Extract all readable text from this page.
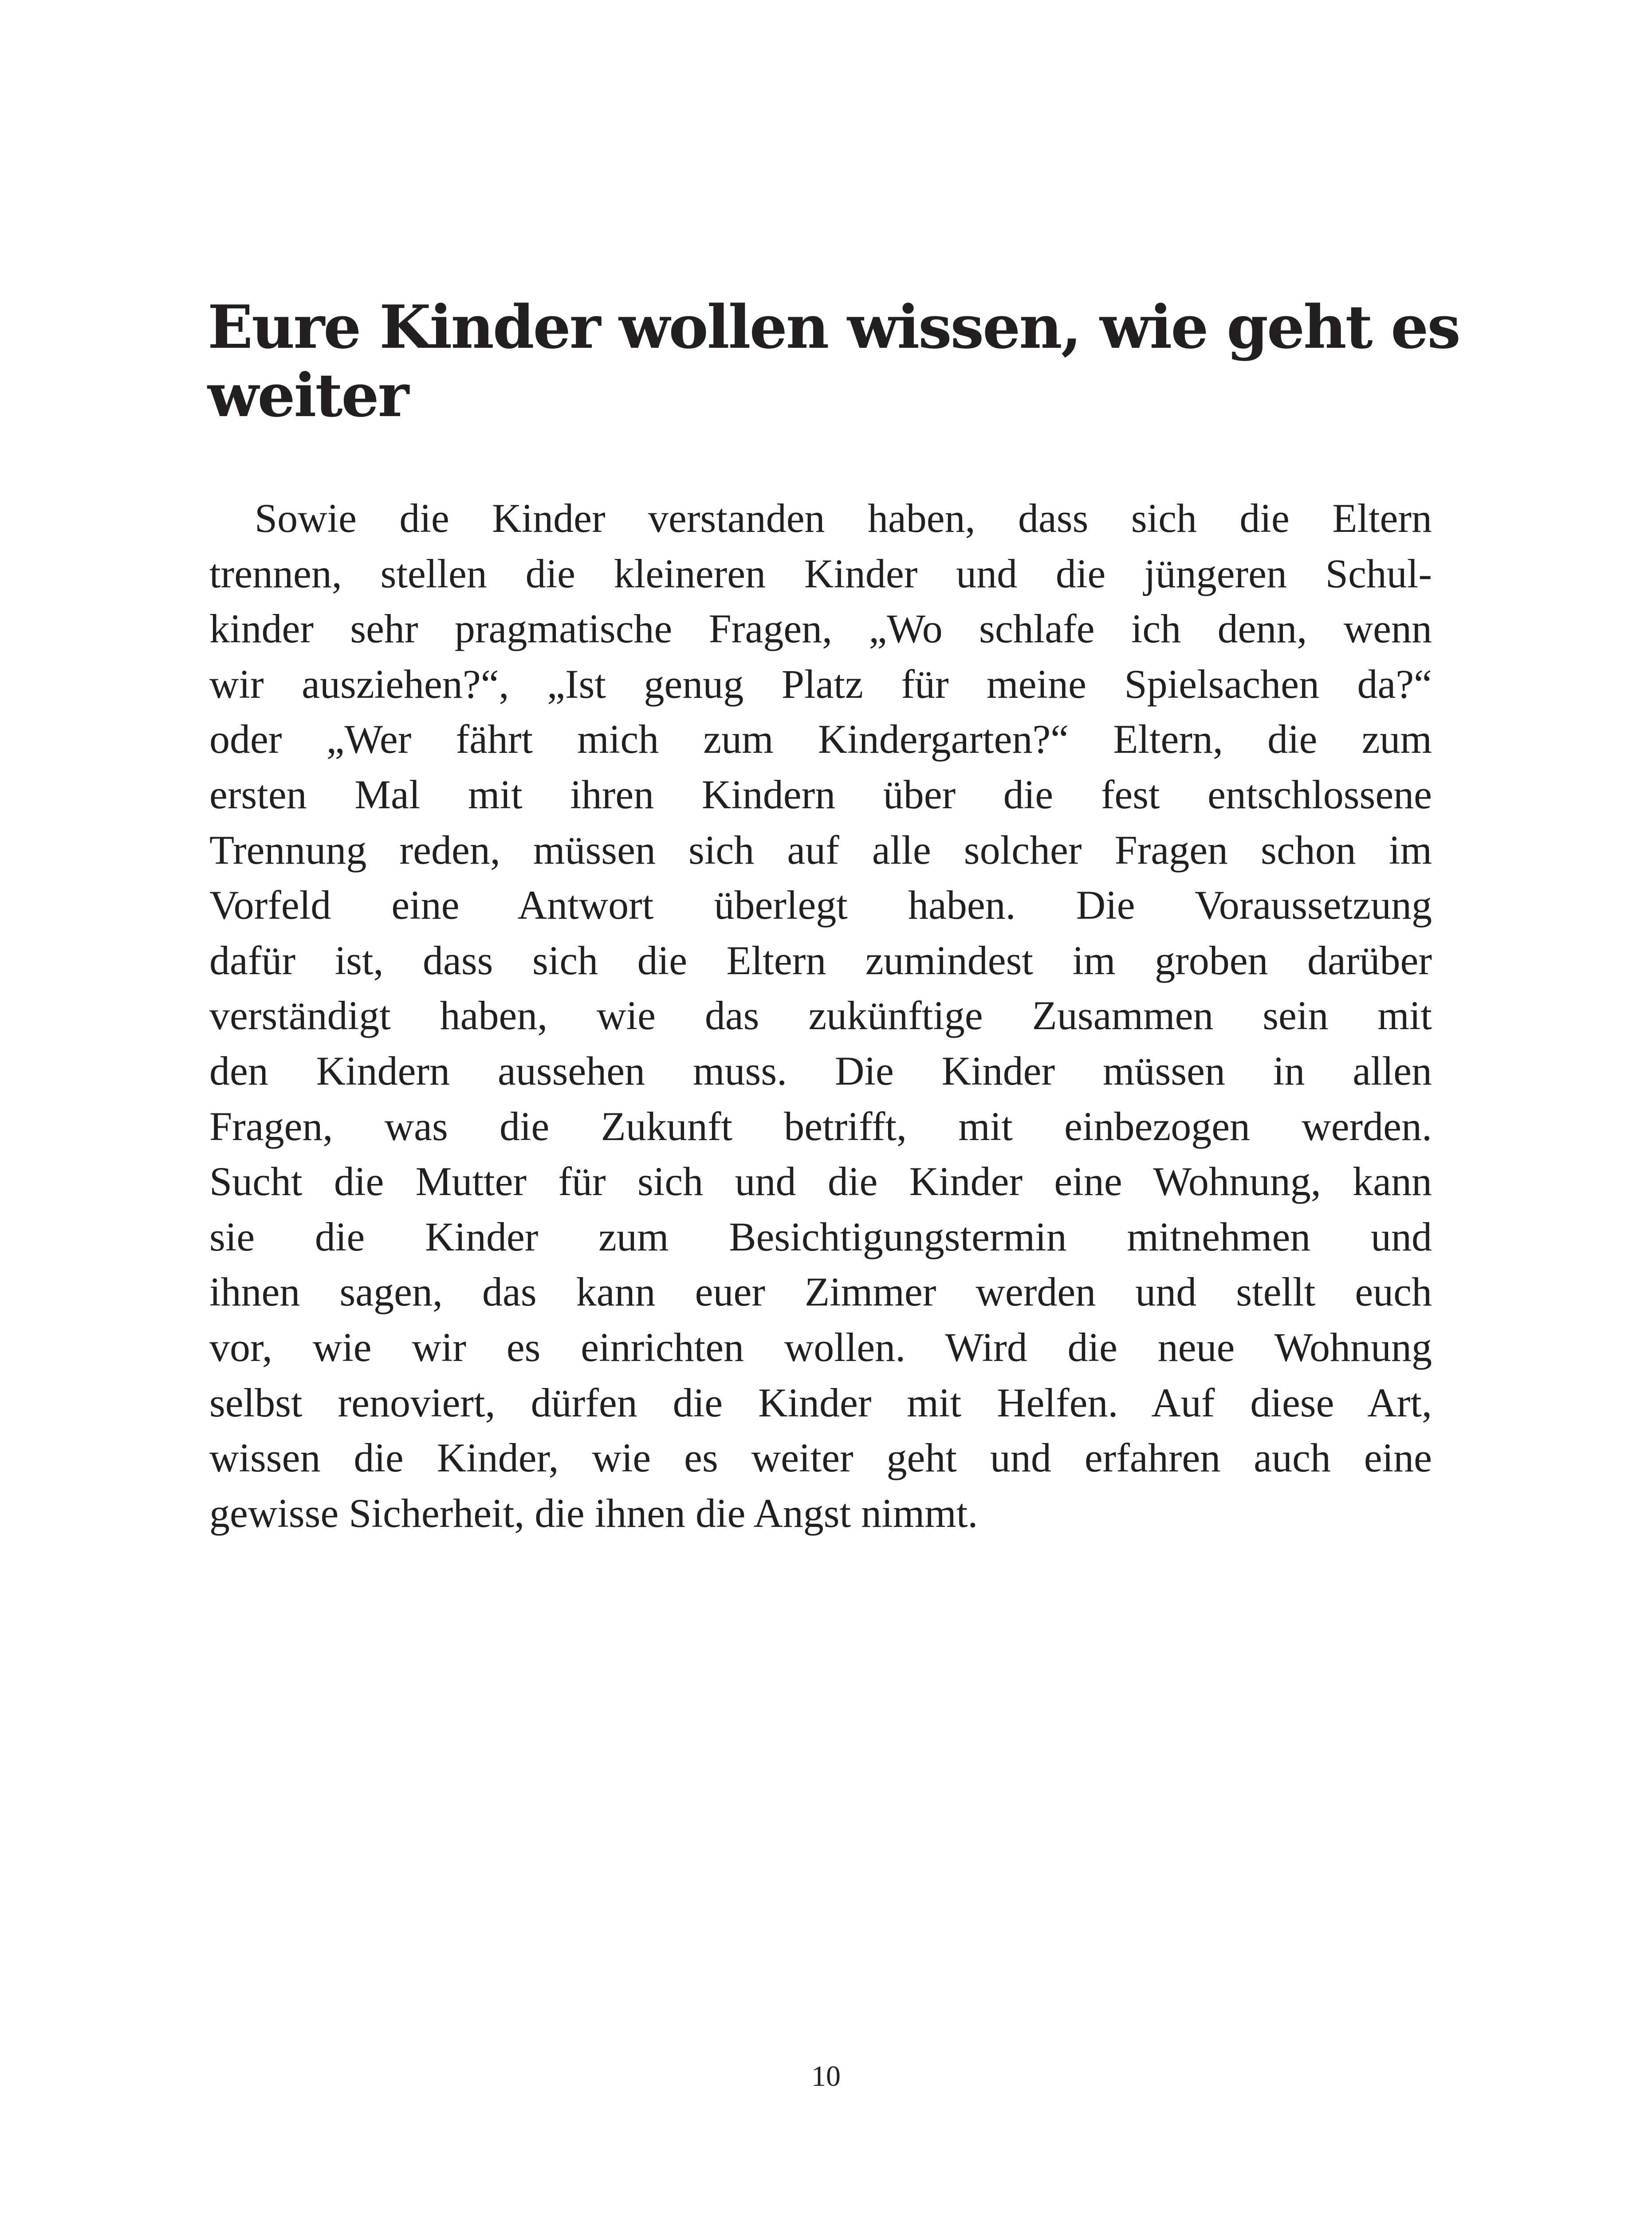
Eure Kinder wollen wissen, wie geht es
weiter
Sowie die Kinder verstanden haben, dass sich die Eltern
trennen, stellen die kleineren Kinder und die jüngeren Schul-
kinder sehr pragmatische Fragen, „Wo schlafe ich denn, wenn
wir ausziehen?“, „Ist genug Platz für meine Spielsachen da?“
oder „Wer fährt mich zum Kindergarten?“ Eltern, die zum
ersten Mal mit ihren Kindern über die fest entschlossene
Trennung reden, müssen sich auf alle solcher Fragen schon im
Vorfeld eine Antwort überlegt haben. Die Voraussetzung
dafür ist, dass sich die Eltern zumindest im groben darüber
verständigt haben, wie das zukünftige Zusammen sein mit
den Kindern aussehen muss. Die Kinder müssen in allen
Fragen, was die Zukunft betrifft, mit einbezogen werden.
Sucht die Mutter für sich und die Kinder eine Wohnung, kann
sie die Kinder zum Besichtigungstermin mitnehmen und
ihnen sagen, das kann euer Zimmer werden und stellt euch
vor, wie wir es einrichten wollen. Wird die neue Wohnung
selbst renoviert, dürfen die Kinder mit Helfen. Auf diese Art,
wissen die Kinder, wie es weiter geht und erfahren auch eine
gewisse Sicherheit, die ihnen die Angst nimmt.
10
